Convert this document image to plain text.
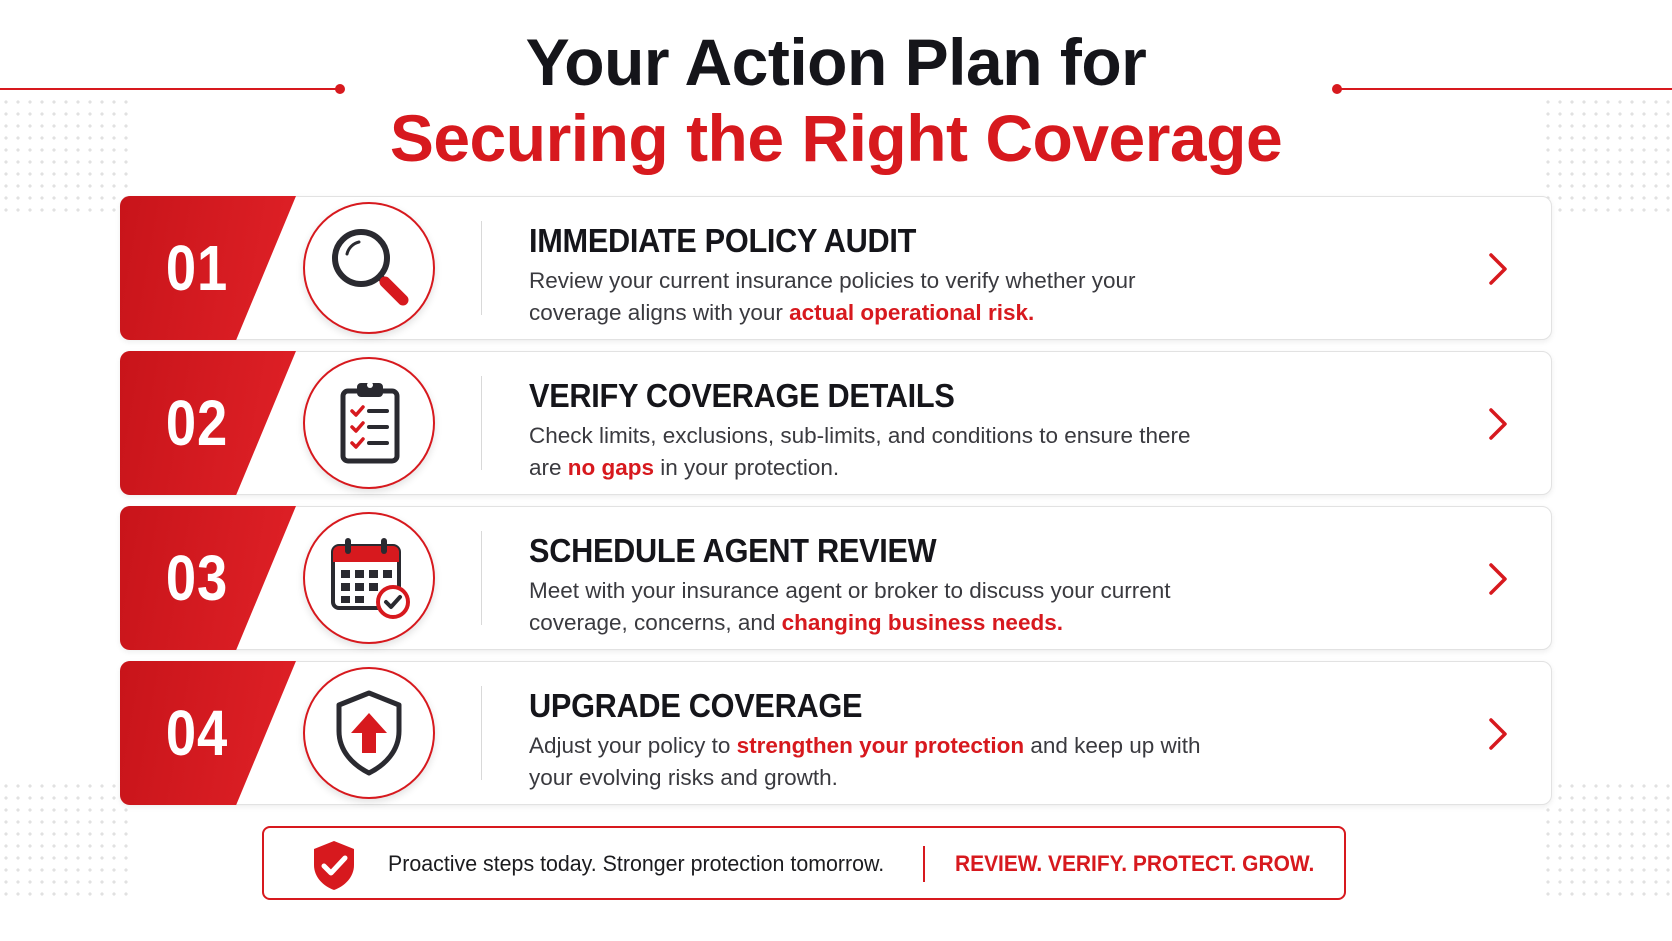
Your Action Plan for
Securing the Right Coverage
01	IMMEDIATE POLICY AUDIT
Review your current insurance policies to verify whether your coverage aligns with your actual operational risk.
02	VERIFY COVERAGE DETAILS
Check limits, exclusions, sub-limits, and conditions to ensure there are no gaps in your protection.
03	SCHEDULE AGENT REVIEW
Meet with your insurance agent or broker to discuss your current coverage, concerns, and changing business needs.
04	UPGRADE COVERAGE
Adjust your policy to strengthen your protection and keep up with your evolving risks and growth.
Proactive steps today. Stronger protection tomorrow.	REVIEW. VERIFY. PROTECT. GROW.
